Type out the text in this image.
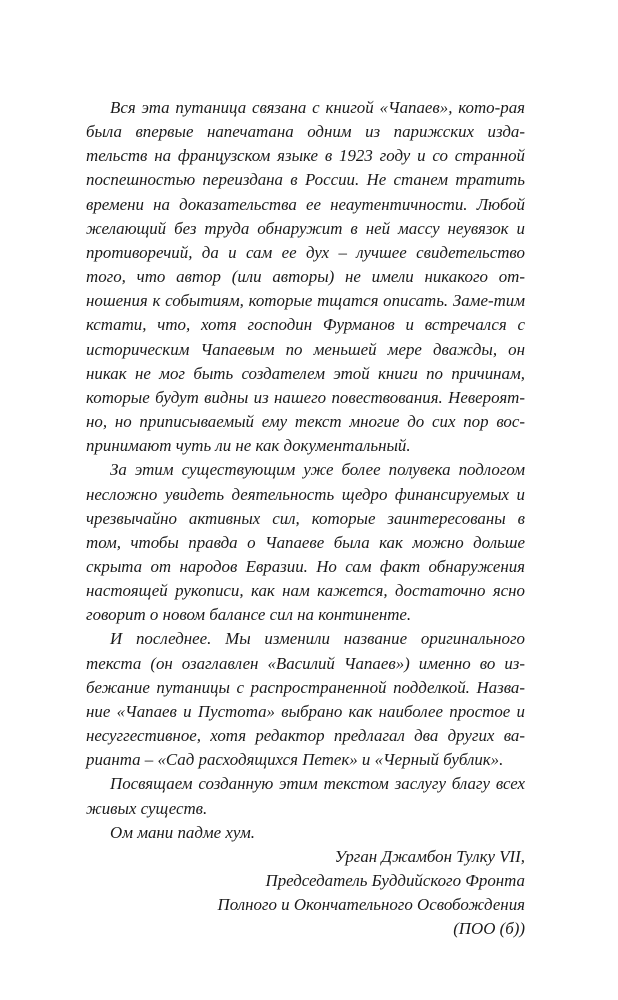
Вся эта путаница связана с книгой «Чапаев», кото-рая была впервые напечатана одним из парижских изда-тельств на французском языке в 1923 году и со странной поспешностью переиздана в России. Не станем тратить времени на доказательства ее неаутентичности. Любой желающий без труда обнаружит в ней массу неувязок и противоречий, да и сам ее дух – лучшее свидетельство того, что автор (или авторы) не имели никакого от-ношения к событиям, которые тщатся описать. Заме-тим кстати, что, хотя господин Фурманов и встречался с историческим Чапаевым по меньшей мере дважды, он никак не мог быть создателем этой книги по причинам, которые будут видны из нашего повествования. Невероят-но, но приписываемый ему текст многие до сих пор вос-принимают чуть ли не как документальный.

За этим существующим уже более полувека подлогом несложно увидеть деятельность щедро финансируемых и чрезвычайно активных сил, которые заинтересованы в том, чтобы правда о Чапаеве была как можно дольше скрыта от народов Евразии. Но сам факт обнаружения настоящей рукописи, как нам кажется, достаточно ясно говорит о новом балансе сил на континенте.

И последнее. Мы изменили название оригинального текста (он озаглавлен «Василий Чапаев») именно во из-бежание путаницы с распространенной подделкой. Назва-ние «Чапаев и Пустота» выбрано как наиболее простое и несуггестивное, хотя редактор предлагал два других ва-рианта – «Сад расходящихся Петек» и «Черный бублик».

Посвящаем созданную этим текстом заслугу благу всех живых существ.

Ом мани падме хум.

Урган Джамбон Тулку VII,

Председатель Буддийского Фронта

Полного и Окончательного Освобождения

(ПОО (б))
